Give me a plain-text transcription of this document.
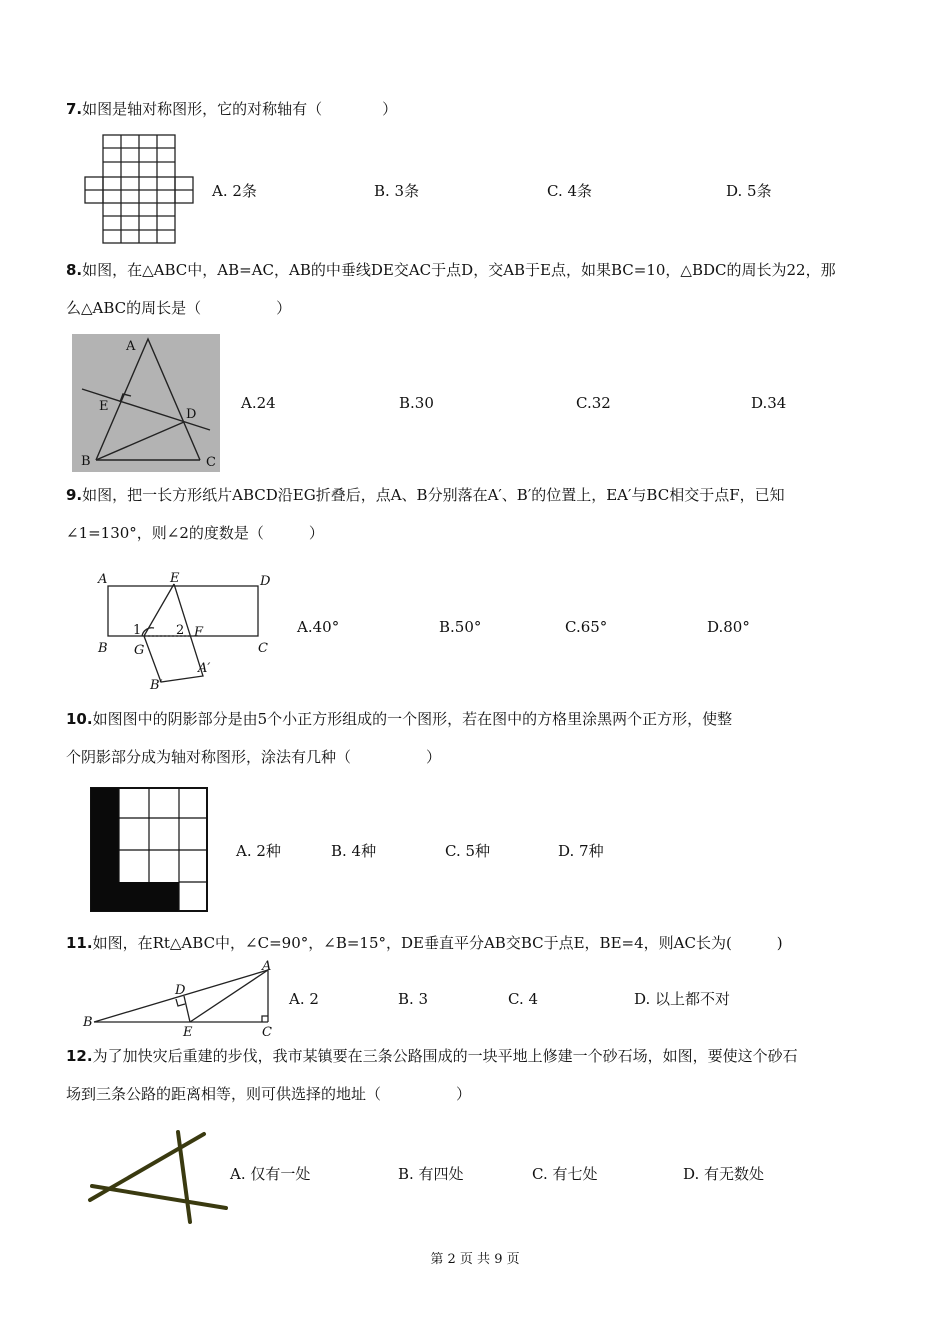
7.如图是轴对称图形，它的对称轴有（　　　　）
A. 2条	B. 3条	C. 4条	D. 5条
8.如图，在△ABC中，AB=AC，AB的中垂线DE交AC于点D，交AB于E点，如果BC=10，△BDC的周长为22，那
么△ABC的周长是（　　　　　）
A
E
D
B	C
A.24	B.30	C.32	D.34
9.如图，把一长方形纸片ABCD沿EG折叠后，点A、B分别落在A′、B′的位置上，EA′与BC相交于点F，已知
∠1=130°，则∠2的度数是（　　　）
A	E	D
B G
F
C
B′
A′
1	2	A.40°	B.50°	C.65°	D.80°
10.如图图中的阴影部分是由5个小正方形组成的一个图形，若在图中的方格里涂黑两个正方形，使整
个阴影部分成为轴对称图形，涂法有几种（　　　　　）
A. 2种	B. 4种	C. 5种	D. 7种
11.如图，在Rt△ABC中，∠C=90°，∠B=15°，DE垂直平分AB交BC于点E，BE=4，则AC长为(　　　)
A
D
B
E	C
A. 2	B. 3	C. 4	D. 以上都不对
12.为了加快灾后重建的步伐，我市某镇要在三条公路围成的一块平地上修建一个砂石场，如图，要使这个砂石
场到三条公路的距离相等，则可供选择的地址（　　　　　）
A. 仅有一处	B. 有四处	C. 有七处	D. 有无数处
第 2 页 共 9 页
